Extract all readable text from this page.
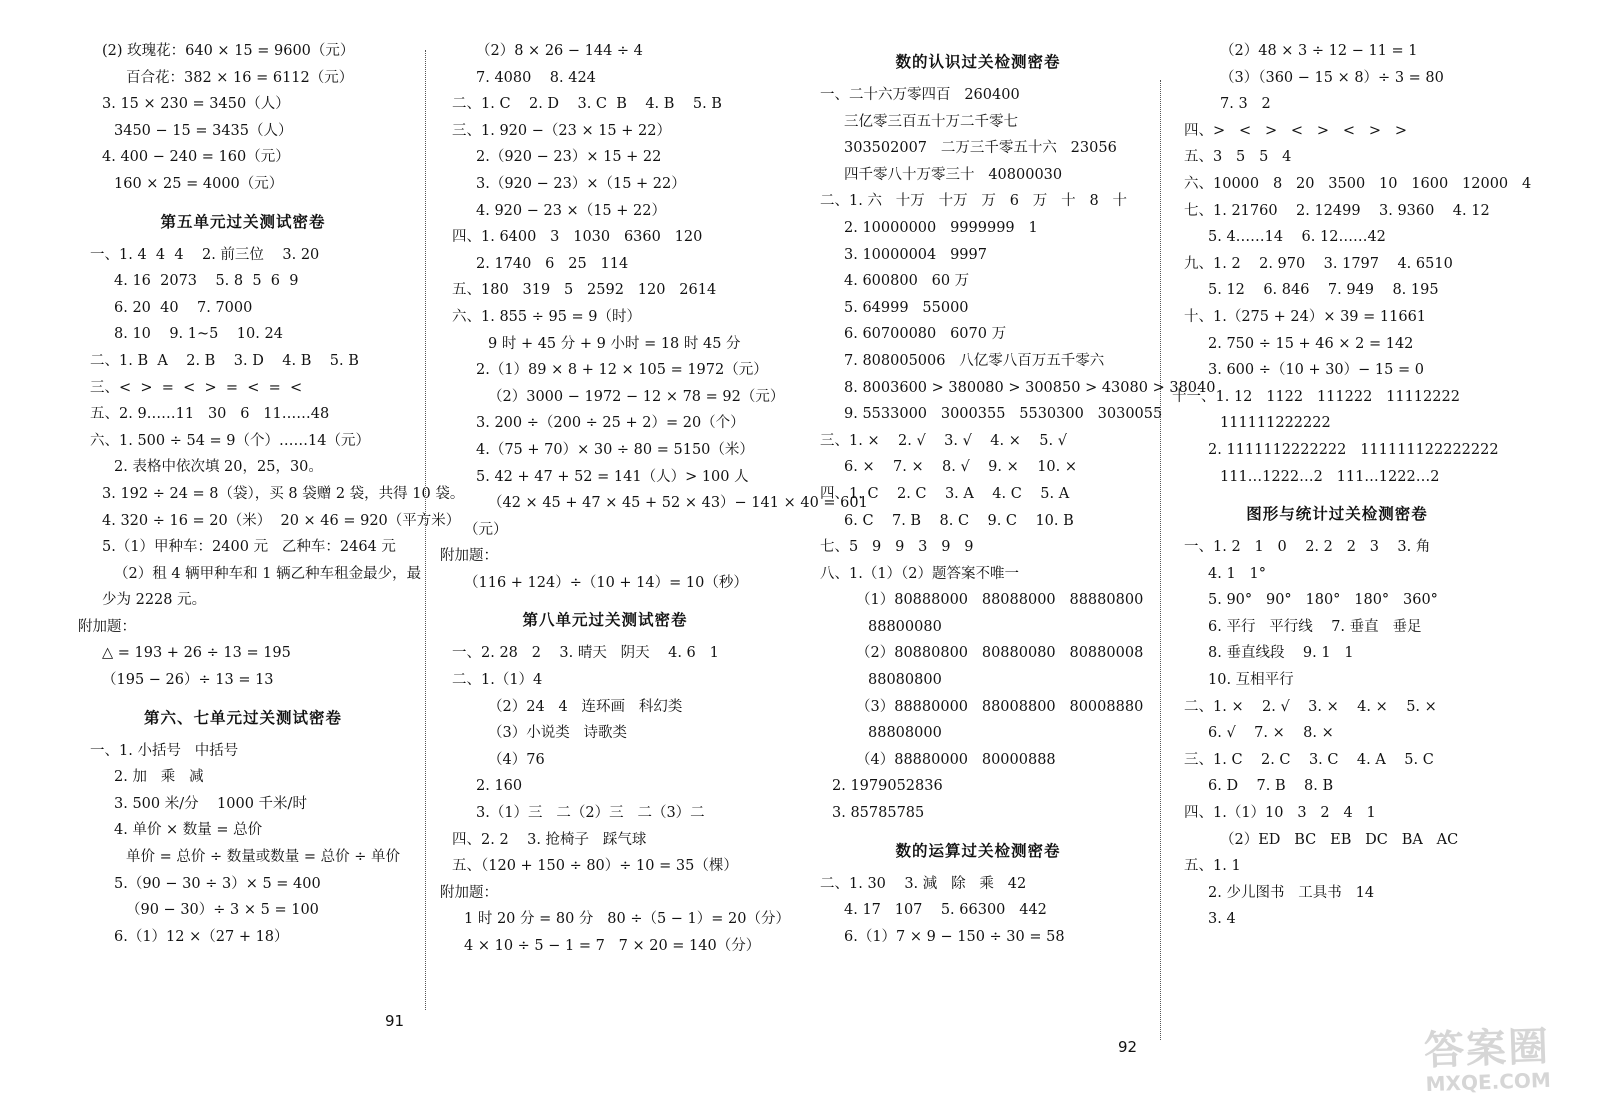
(2) 玫瑰花：640 × 15 = 9600（元）
百合花：382 × 16 = 6112（元）
3. 15 × 230 = 3450（人）
3450 − 15 = 3435（人）
4. 400 − 240 = 160（元）
160 × 25 = 4000（元）
第五单元过关测试密卷
一、1. 4  4  4    2. 前三位    3. 20
4. 16  2073    5. 8  5  6  9
6. 20  40    7. 7000
8. 10    9. 1~5    10. 24
二、1. B  A    2. B    3. D    4. B    5. B
三、<  >  =  <  >  =  <  =  <
五、2. 9……11   30   6   11……48
六、1. 500 ÷ 54 = 9（个）……14（元）
2. 表格中依次填 20，25，30。
3. 192 ÷ 24 = 8（袋），买 8 袋赠 2 袋，共得 10 袋。
4. 320 ÷ 16 = 20（米）  20 × 46 = 920（平方米）
5.（1）甲种车：2400 元   乙种车：2464 元
（2）租 4 辆甲种车和 1 辆乙种车租金最少，最
少为 2228 元。
附加题：
△ = 193 + 26 ÷ 13 = 195
（195 − 26）÷ 13 = 13
第六、七单元过关测试密卷
一、1. 小括号   中括号
2. 加   乘   减
3. 500 米/分    1000 千米/时
4. 单价 × 数量 = 总价
单价 = 总价 ÷ 数量或数量 = 总价 ÷ 单价
5.（90 − 30 ÷ 3）× 5 = 400
（90 − 30）÷ 3 × 5 = 100
6.（1）12 ×（27 + 18）
（2）8 × 26 − 144 ÷ 4
7. 4080    8. 424
二、1. C    2. D    3. C  B    4. B    5. B
三、1. 920 −（23 × 15 + 22）
2.（920 − 23）× 15 + 22
3.（920 − 23）×（15 + 22）
4. 920 − 23 ×（15 + 22）
四、1. 6400   3   1030   6360   120
2. 1740   6   25   114
五、180   319   5   2592   120   2614
六、1. 855 ÷ 95 = 9（时）
9 时 + 45 分 + 9 小时 = 18 时 45 分
2.（1）89 × 8 + 12 × 105 = 1972（元）
（2）3000 − 1972 − 12 × 78 = 92（元）
3. 200 ÷（200 ÷ 25 + 2）= 20（个）
4.（75 + 70）× 30 ÷ 80 = 5150（米）
5. 42 + 47 + 52 = 141（人）> 100 人
（42 × 45 + 47 × 45 + 52 × 43）− 141 × 40 = 601
（元）
附加题：
（116 + 124）÷（10 + 14）= 10（秒）
第八单元过关测试密卷
一、2. 28   2    3. 晴天   阴天    4. 6   1
二、1.（1）4
（2）24   4   连环画   科幻类
（3）小说类   诗歌类
（4）76
2. 160
3.（1）三   二（2）三   二（3）二
四、2. 2    3. 抢椅子   踩气球
五、（120 + 150 ÷ 80）÷ 10 = 35（棵）
附加题：
1 时 20 分 = 80 分   80 ÷（5 − 1）= 20（分）
4 × 10 ÷ 5 − 1 = 7   7 × 20 = 140（分）
数的认识过关检测密卷
一、二十六万零四百   260400
三亿零三百五十万二千零七
303502007   二万三千零五十六   23056
四千零八十万零三十   40800030
二、1. 六   十万   十万   万   6   万   十   8   十
2. 10000000   9999999   1
3. 10000004   9997
4. 600800   60 万
5. 64999   55000
6. 60700080   6070 万
7. 808005006   八亿零八百万五千零六
8. 8003600 > 380080 > 300850 > 43080 > 38040
9. 5533000   3000355   5530300   3030055
三、1. ×    2. √    3. √    4. ×    5. √
6. ×    7. ×    8. √    9. ×    10. ×
四、1. C    2. C    3. A    4. C    5. A
6. C    7. B    8. C    9. C    10. B
七、5   9   9   3   9   9
八、1.（1）（2）题答案不唯一
（1）80888000   88088000   88880800
88800080
（2）80880800   80880080   80880008
88080800
（3）88880000   88008800   80008880
88808000
（4）88880000   80000888
2. 1979052836
3. 85785785
数的运算过关检测密卷
二、1. 30    3. 減   除   乘   42
4. 17   107    5. 66300   442
6.（1）7 × 9 − 150 ÷ 30 = 58
（2）48 × 3 ÷ 12 − 11 = 1
（3）（360 − 15 × 8）÷ 3 = 80
7. 3   2
四、>   <   >   <   >   <   >   >
五、3   5   5   4
六、10000   8   20   3500   10   1600   12000   4
七、1. 21760    2. 12499    3. 9360    4. 12
5. 4……14    6. 12……42
九、1. 2    2. 970    3. 1797    4. 6510
5. 12    6. 846    7. 949    8. 195
十、1.（275 + 24）× 39 = 11661
2. 750 ÷ 15 + 46 × 2 = 142
3. 600 ÷（10 + 30）− 15 = 0
十一、1. 12   1122   111222   11112222
111111222222
2. 1111112222222   111111122222222
111…1222…2   111…1222…2
图形与统计过关检测密卷
一、1. 2   1   0    2. 2   2   3    3. 角
4. 1   1°
5. 90°   90°   180°   180°   360°
6. 平行   平行线    7. 垂直   垂足
8. 垂直线段    9. 1   1
10. 互相平行
二、1. ×    2. √    3. ×    4. ×    5. ×
6. √    7. ×    8. ×
三、1. C    2. C    3. C    4. A    5. C
6. D    7. B    8. B
四、1.（1）10   3   2   4   1
（2）ED   BC   EB   DC   BA   AC
五、1. 1
2. 少儿图书   工具书   14
3. 4
91
92	答案圈
MXQE.COM
